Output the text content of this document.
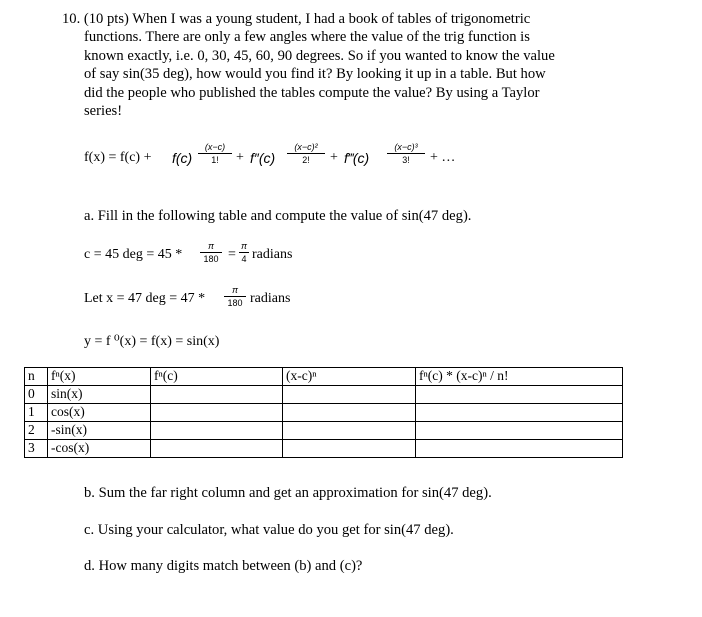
10. (10 pts) When I was a young student, I had a book of tables of trigonometric
functions. There are only a few angles where the value of the trig function is
known exactly, i.e. 0, 30, 45, 60, 90 degrees. So if you wanted to know the value
of say sin(35 deg), how would you find it? By looking it up in a table. But how
did the people who published the tables compute the value? By using a Taylor
series!
f(x) = f(c) + f(c)
(x−c)
1!	+ f″(c)
(x−c)²
2!	+ f‴(c)
(x−c)³
3!	+ …
a. Fill in the following table and compute the value of sin(47 deg).
c = 45 deg = 45 *
π
180 =
π
4 radians
Let x = 47 deg = 47 *
π
180 radians
y = f ⁰(x) = f(x) = sin(x)
n	fⁿ(x)	fⁿ(c)	(x-c)ⁿ	fⁿ(c) * (x-c)ⁿ / n!
0	sin(x)			
1	cos(x)			
2	-sin(x)			
3	-cos(x)			
b. Sum the far right column and get an approximation for sin(47 deg).
c. Using your calculator, what value do you get for sin(47 deg).
d. How many digits match between (b) and (c)?
